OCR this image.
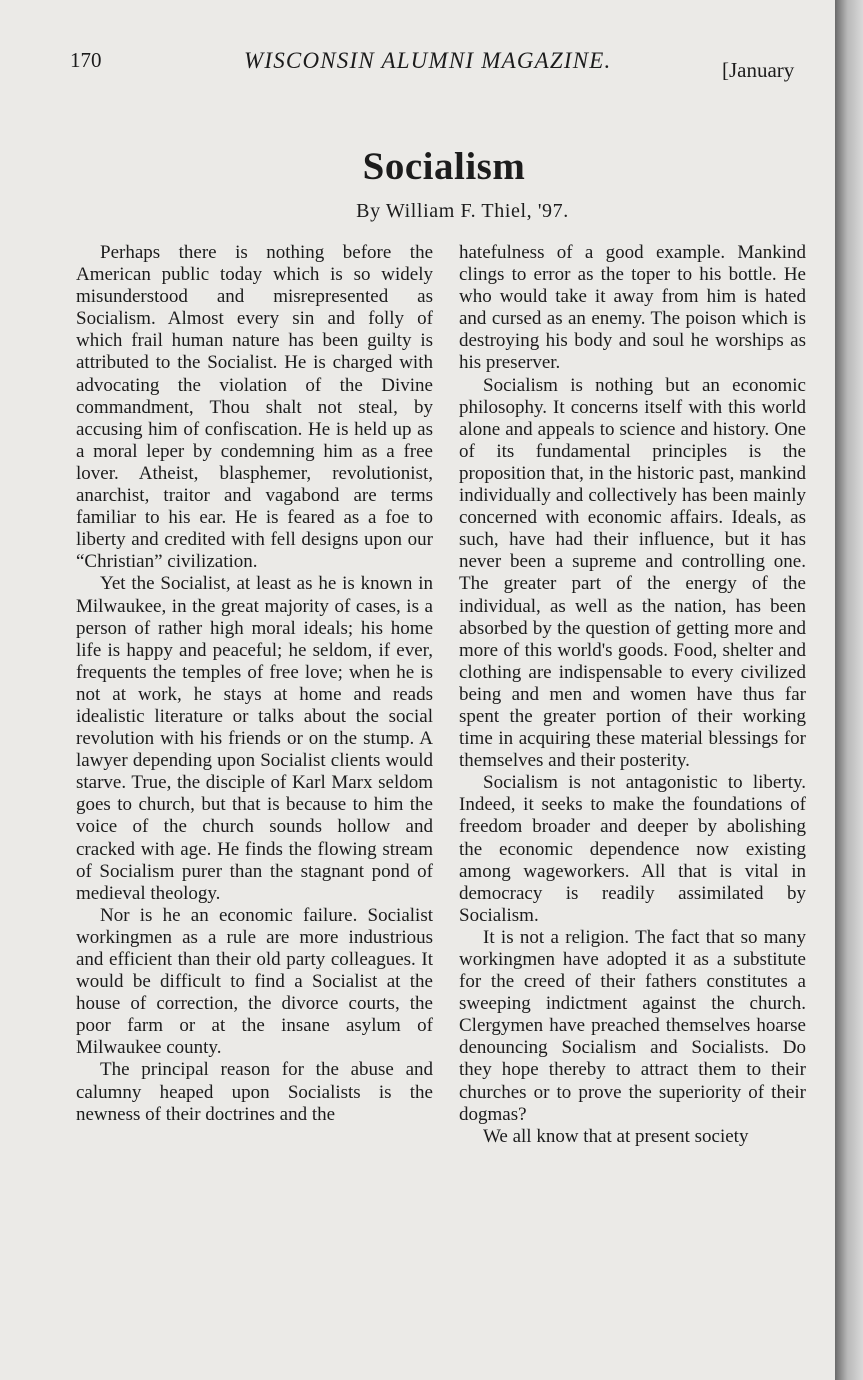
170	WISCONSIN ALUMNI MAGAZINE.	[January
Socialism
By William F. Thiel, '97.

Perhaps there is nothing before the American public today which is so widely misunderstood and misrepresented as Socialism. Almost every sin and folly of which frail human nature has been guilty is attributed to the Socialist. He is charged with advocating the violation of the Divine commandment, Thou shalt not steal, by accusing him of confiscation. He is held up as a moral leper by condemning him as a free lover. Atheist, blasphemer, revolutionist, anarchist, traitor and vagabond are terms familiar to his ear. He is feared as a foe to liberty and credited with fell designs upon our “Christian” civilization.

Yet the Socialist, at least as he is known in Milwaukee, in the great majority of cases, is a person of rather high moral ideals; his home life is happy and peaceful; he seldom, if ever, frequents the temples of free love; when he is not at work, he stays at home and reads idealistic literature or talks about the social revolution with his friends or on the stump. A lawyer depending upon Socialist clients would starve. True, the disciple of Karl Marx seldom goes to church, but that is because to him the voice of the church sounds hollow and cracked with age. He finds the flowing stream of Socialism purer than the stagnant pond of medieval theology.

Nor is he an economic failure. Socialist workingmen as a rule are more industrious and efficient than their old party colleagues. It would be difficult to find a Socialist at the house of correction, the divorce courts, the poor farm or at the insane asylum of Milwaukee county.

The principal reason for the abuse and calumny heaped upon Socialists is the newness of their doctrines and the

hatefulness of a good example. Mankind clings to error as the toper to his bottle. He who would take it away from him is hated and cursed as an enemy. The poison which is destroying his body and soul he worships as his preserver.

Socialism is nothing but an economic philosophy. It concerns itself with this world alone and appeals to science and history. One of its fundamental principles is the proposition that, in the historic past, mankind individually and collectively has been mainly concerned with economic affairs. Ideals, as such, have had their influence, but it has never been a supreme and controlling one. The greater part of the energy of the individual, as well as the nation, has been absorbed by the question of getting more and more of this world's goods. Food, shelter and clothing are indispensable to every civilized being and men and women have thus far spent the greater portion of their working time in acquiring these material blessings for themselves and their posterity.

Socialism is not antagonistic to liberty. Indeed, it seeks to make the foundations of freedom broader and deeper by abolishing the economic dependence now existing among wageworkers. All that is vital in democracy is readily assimilated by Socialism.

It is not a religion. The fact that so many workingmen have adopted it as a substitute for the creed of their fathers constitutes a sweeping indictment against the church. Clergymen have preached themselves hoarse denouncing Socialism and Socialists. Do they hope thereby to attract them to their churches or to prove the superiority of their dogmas?

We all know that at present society
